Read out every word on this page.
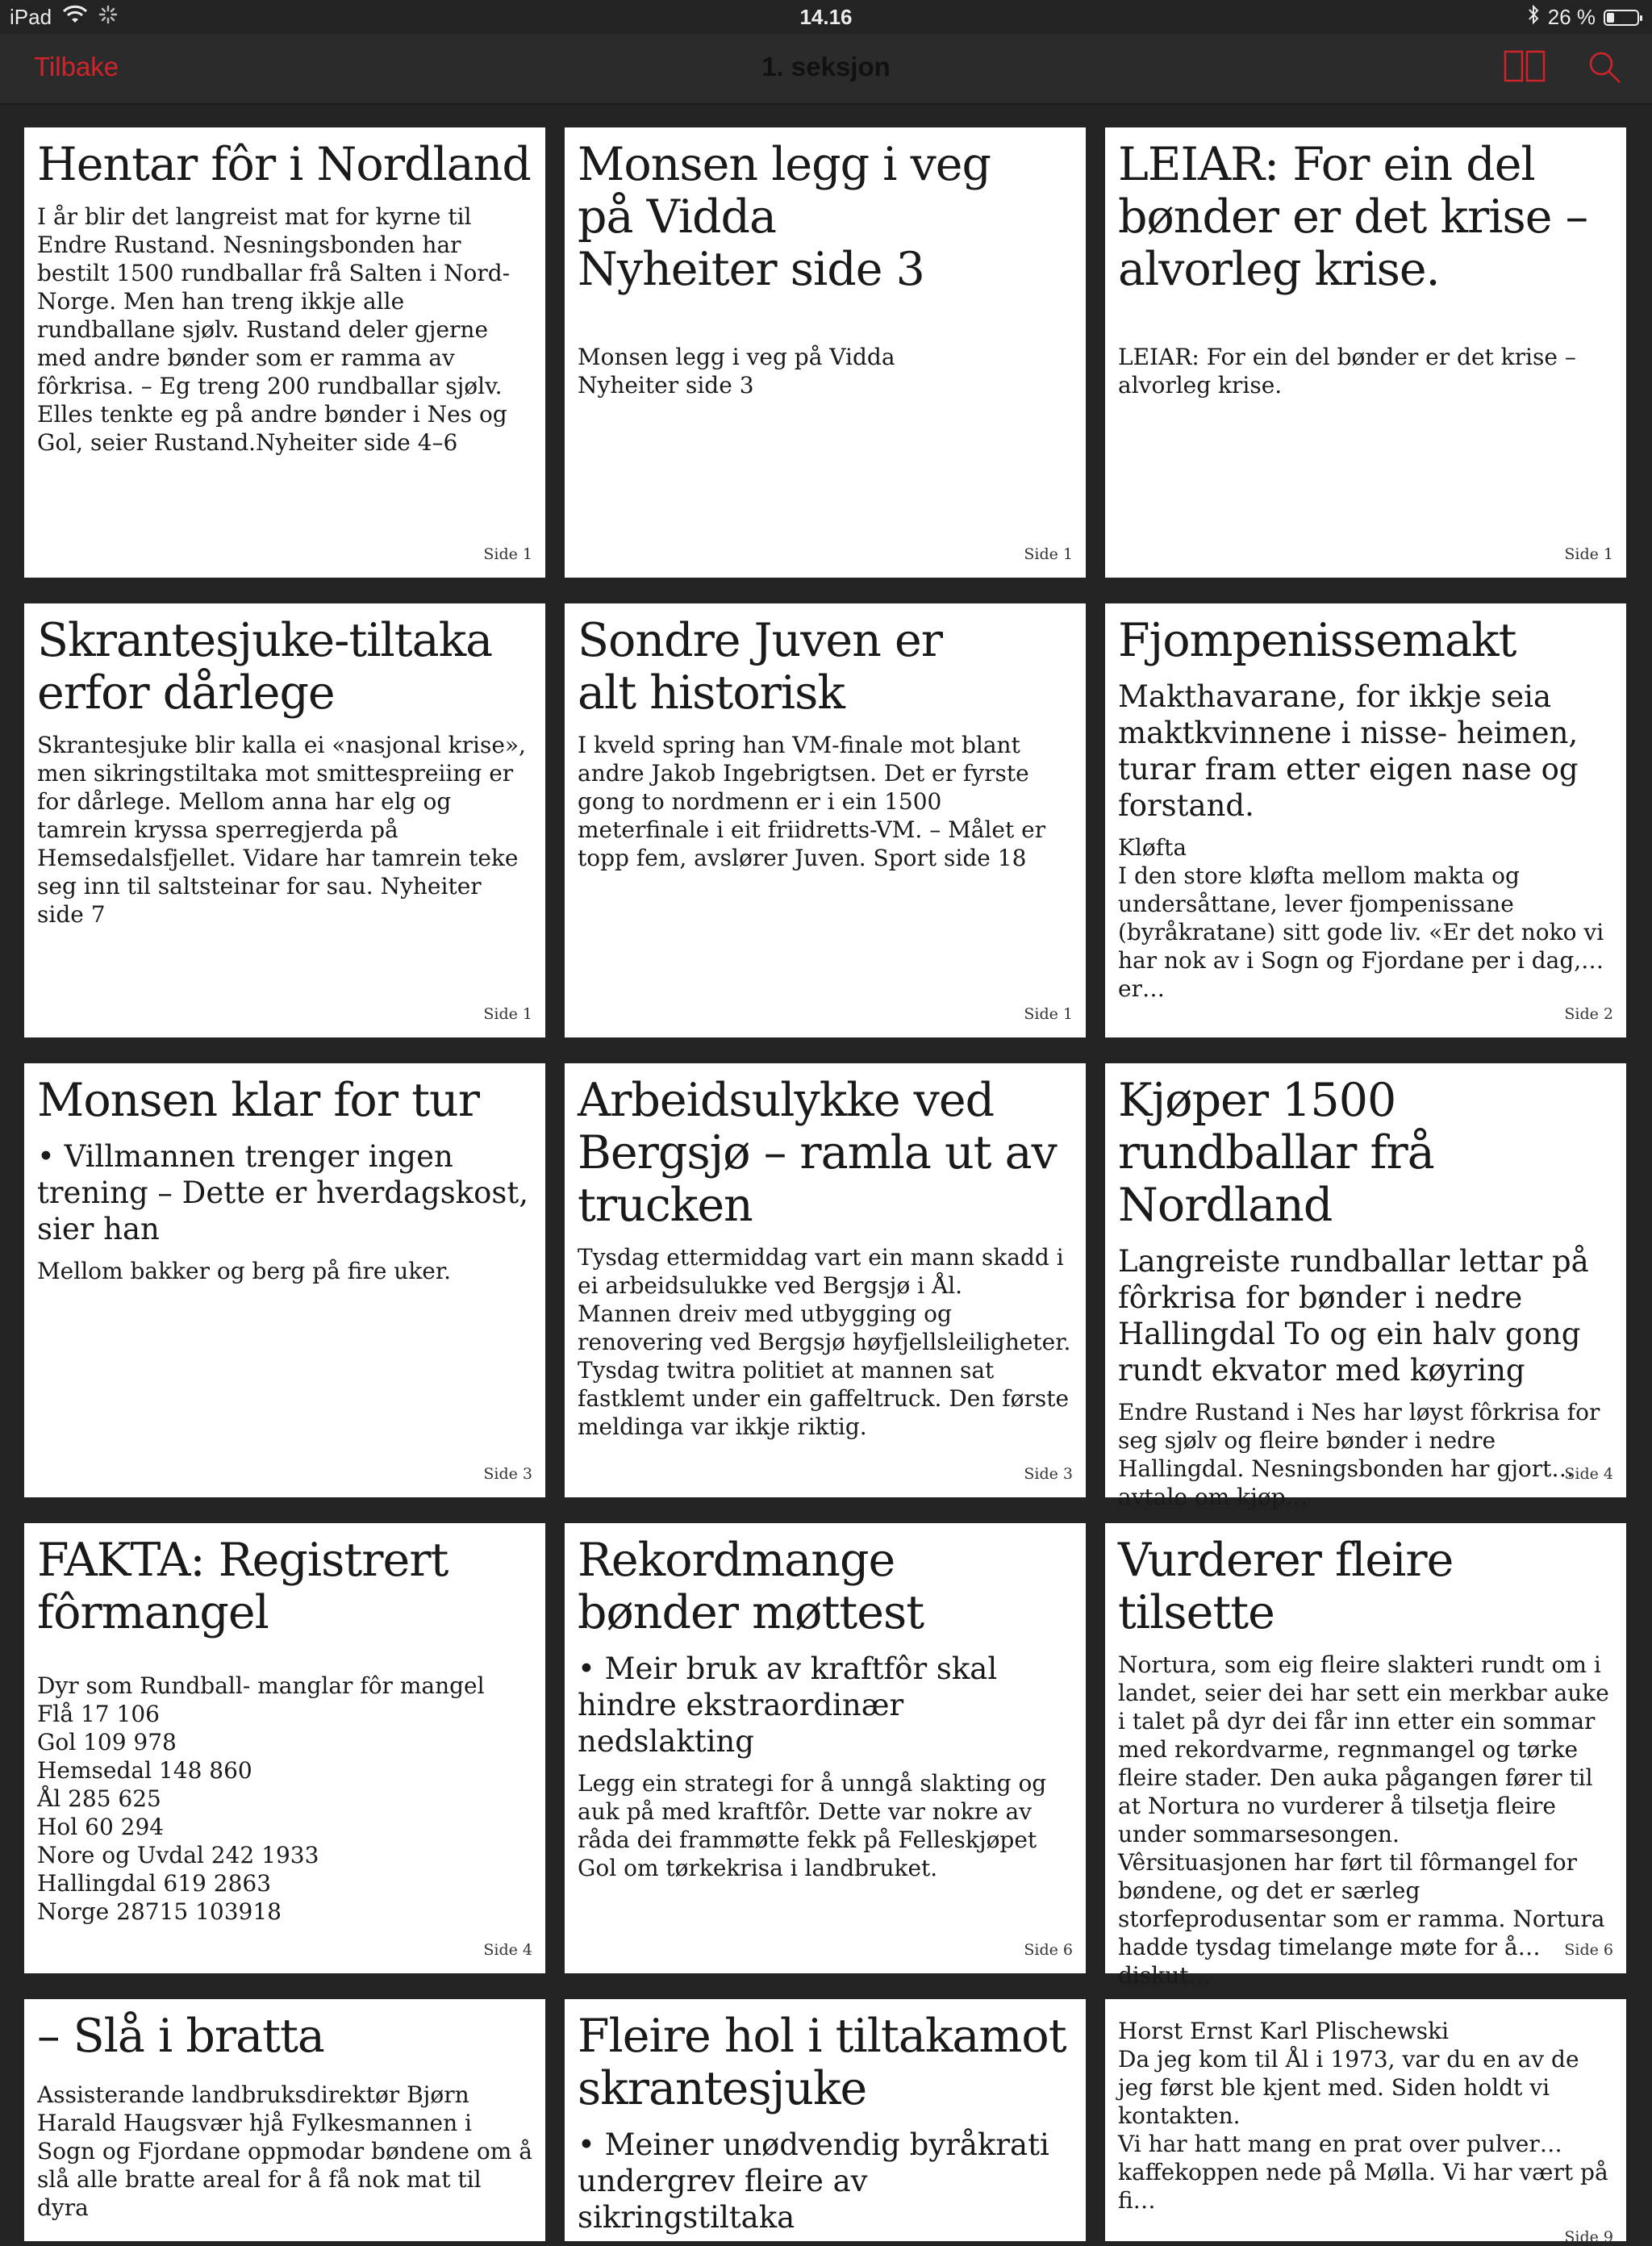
iPad	14.16	26 %
Tilbake	1. seksjon
Hentar fôr i Nordland
I år blir det langreist mat for kyrne til Endre Rustand. Nesningsbonden har bestilt 1500 rundballar frå Salten i Nord-Norge. Men han treng ikkje alle rundballane sjølv. Rustand deler gjerne med andre bønder som er ramma av fôrkrisa. – Eg treng 200 rundballar sjølv. Elles tenkte eg på andre bønder i Nes og Gol, seier Rustand.Nyheiter side 4–6
Side 1
Monsen legg i veg
på Vidda
Nyheiter side 3
Monsen legg i veg på Vidda
Nyheiter side 3
Side 1
LEIAR: For ein del bønder er det krise – alvorleg krise.
LEIAR: For ein del bønder er det krise – alvorleg krise.
Side 1
Skrantesjuke-tiltaka erfor dårlege
Skrantesjuke blir kalla ei «nasjonal krise», men sikringstiltaka mot smittespreiing er for dårlege. Mellom anna har elg og tamrein kryssa sperregjerda på Hemsedalsfjellet. Vidare har tamrein teke seg inn til saltsteinar for sau. Nyheiter side 7
Side 1
Sondre Juven er
alt historisk
I kveld spring han VM-finale mot blant andre Jakob Ingebrigtsen. Det er fyrste gong to nordmenn er i ein 1500 meterfinale i eit friidretts-VM. – Målet er topp fem, avslører Juven. Sport side 18
Side 1
Fjompenissemakt
Makthavarane, for ikkje seia maktkvinnene i nisse- heimen, turar fram etter eigen nase og forstand.
Kløfta
I den store kløfta mellom makta og undersåttane, lever fjompenissane (byråkratane) sitt gode liv. «Er det noko vi har nok av i Sogn og Fjordane per i dag, er…
Side 2
Monsen klar for tur
• Villmannen trenger ingen trening – Dette er hverdagskost, sier han
Mellom bakker og berg på fire uker.
Side 3
Arbeidsulykke ved Bergsjø – ramla ut av trucken
Tysdag ettermiddag vart ein mann skadd i ei arbeidsulukke ved Bergsjø i Ål.
Mannen dreiv med utbygging og renovering ved Bergsjø høyfjellsleiligheter. Tysdag twitra politiet at mannen sat fastklemt under ein gaffeltruck. Den første meldinga var ikkje riktig.
Side 3
Kjøper 1500 rundballar frå Nordland
Langreiste rundballar lettar på fôrkrisa for bønder i nedre Hallingdal To og ein halv gong rundt ekvator med køyring
Endre Rustand i Nes har løyst fôrkrisa for seg sjølv og fleire bønder i nedre Hallingdal. Nesningsbonden har gjort avtale om kjøp…
Side 4
FAKTA: Registrert
fôrmangel
Dyr som Rundball- manglar fôr mangel
Flå 17 106
Gol 109 978
Hemsedal 148 860
Ål 285 625
Hol 60 294
Nore og Uvdal 242 1933
Hallingdal 619 2863
Norge 28715 103918
Side 4
Rekordmange
bønder møttest
• Meir bruk av kraftfôr skal hindre ekstraordinær nedslakting
Legg ein strategi for å unngå slakting og auk på med kraftfôr. Dette var nokre av råda dei frammøtte fekk på Felleskjøpet Gol om tørkekrisa i landbruket.
Side 6
Vurderer fleire tilsette
Nortura, som eig fleire slakteri rundt om i landet, seier dei har sett ein merkbar auke i talet på dyr dei får inn etter ein sommar med rekordvarme, regnmangel og tørke fleire stader. Den auka pågangen fører til at Nortura no vurderer å tilsetja fleire under sommarsesongen.
Vêrsituasjonen har ført til fôrmangel for bøndene, og det er særleg storfeprodusentar som er ramma. Nortura hadde tysdag timelange møte for å diskut…
Side 6
– Slå i bratta
Assisterande landbruksdirektør Bjørn Harald Haugsvær hjå Fylkesmannen i Sogn og Fjordane oppmodar bøndene om å slå alle bratte areal for å få nok mat til dyra
Fleire hol i tiltakamot skrantesjuke
• Meiner unødvendig byråkrati undergrev fleire av sikringstiltaka
Horst Ernst Karl Plischewski
Da jeg kom til Ål i 1973, var du en av de jeg først ble kjent med. Siden holdt vi kontakten.
Vi har hatt mang en prat over pulver kaffekoppen nede på Mølla. Vi har vært på fi…
Side 9
